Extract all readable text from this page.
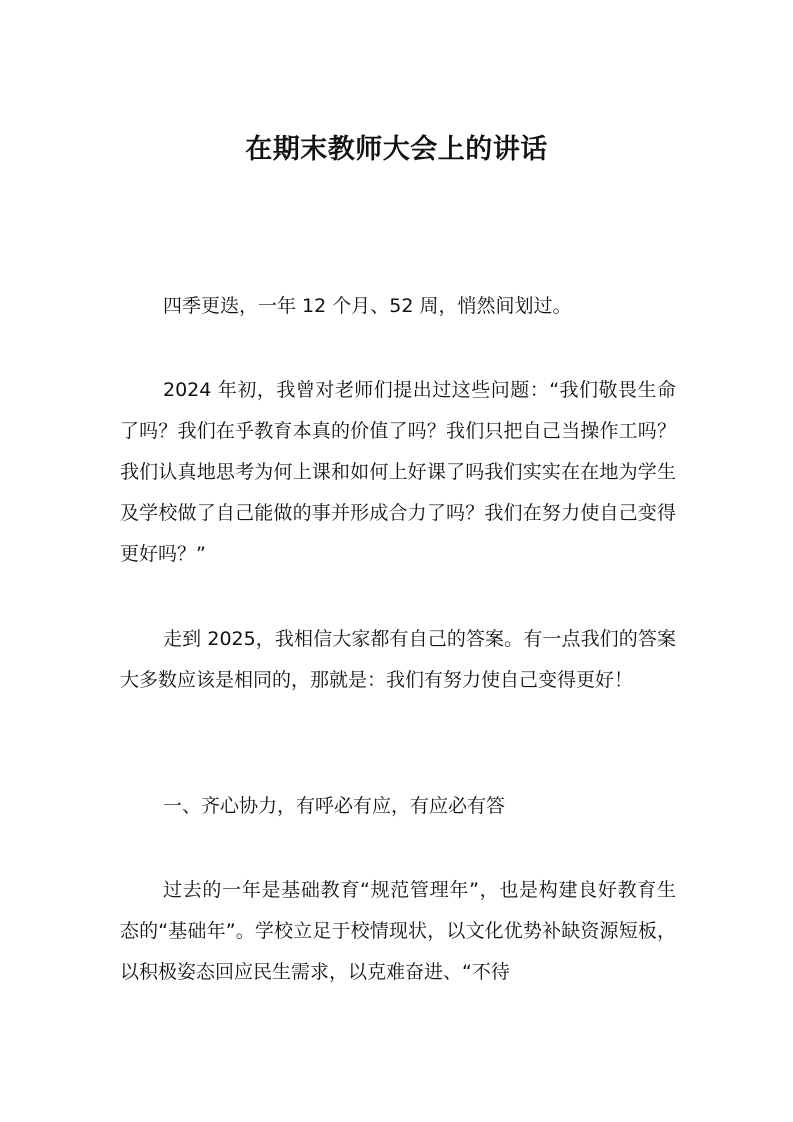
在期末教师大会上的讲话

四季更迭，一年 12 个月、52 周，悄然间划过。

2024 年初，我曾对老师们提出过这些问题：“我们敬畏生命了吗？我们在乎教育本真的价值了吗？我们只把自己当操作工吗？我们认真地思考为何上课和如何上好课了吗我们实实在在地为学生及学校做了自己能做的事并形成合力了吗？我们在努力使自己变得更好吗？”

走到 2025，我相信大家都有自己的答案。有一点我们的答案大多数应该是相同的，那就是：我们有努力使自己变得更好！

一、齐心协力，有呼必有应，有应必有答

过去的一年是基础教育“规范管理年”，也是构建良好教育生态的“基础年”。学校立足于校情现状，以文化优势补缺资源短板，以积极姿态回应民生需求，以克难奋进、“不待
